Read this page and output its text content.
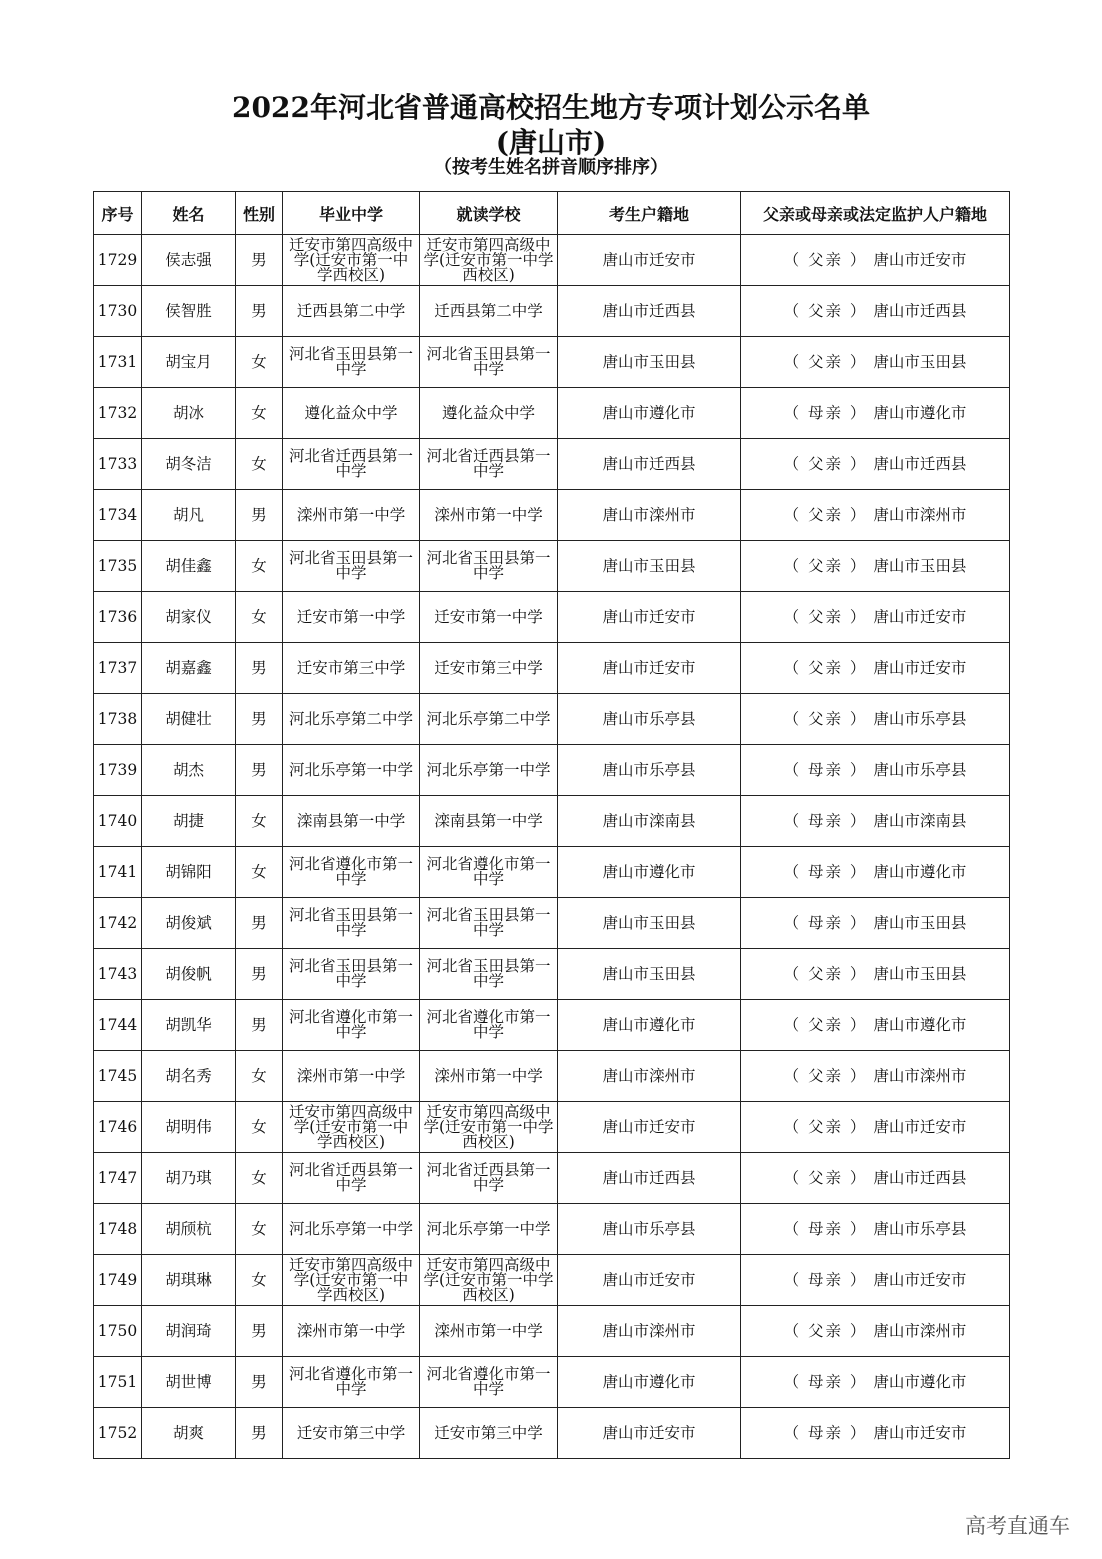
2022年河北省普通高校招生地方专项计划公示名单
(唐山市)
（按考生姓名拼音顺序排序）
序号	姓名	性别	毕业中学	就读学校	考生户籍地	父亲或母亲或法定监护人户籍地
1729	侯志强	男	迁安市第四高级中学(迁安市第一中学西校区)	迁安市第四高级中学(迁安市第一中学西校区)	唐山市迁安市	（ 父亲 ） 唐山市迁安市
1730	侯智胜	男	迁西县第二中学	迁西县第二中学	唐山市迁西县	（ 父亲 ） 唐山市迁西县
1731	胡宝月	女	河北省玉田县第一中学	河北省玉田县第一中学	唐山市玉田县	（ 父亲 ） 唐山市玉田县
1732	胡冰	女	遵化益众中学	遵化益众中学	唐山市遵化市	（ 母亲 ） 唐山市遵化市
1733	胡冬洁	女	河北省迁西县第一中学	河北省迁西县第一中学	唐山市迁西县	（ 父亲 ） 唐山市迁西县
1734	胡凡	男	滦州市第一中学	滦州市第一中学	唐山市滦州市	（ 父亲 ） 唐山市滦州市
1735	胡佳鑫	女	河北省玉田县第一中学	河北省玉田县第一中学	唐山市玉田县	（ 父亲 ） 唐山市玉田县
1736	胡家仪	女	迁安市第一中学	迁安市第一中学	唐山市迁安市	（ 父亲 ） 唐山市迁安市
1737	胡嘉鑫	男	迁安市第三中学	迁安市第三中学	唐山市迁安市	（ 父亲 ） 唐山市迁安市
1738	胡健壮	男	河北乐亭第二中学	河北乐亭第二中学	唐山市乐亭县	（ 父亲 ） 唐山市乐亭县
1739	胡杰	男	河北乐亭第一中学	河北乐亭第一中学	唐山市乐亭县	（ 母亲 ） 唐山市乐亭县
1740	胡捷	女	滦南县第一中学	滦南县第一中学	唐山市滦南县	（ 母亲 ） 唐山市滦南县
1741	胡锦阳	女	河北省遵化市第一中学	河北省遵化市第一中学	唐山市遵化市	（ 母亲 ） 唐山市遵化市
1742	胡俊斌	男	河北省玉田县第一中学	河北省玉田县第一中学	唐山市玉田县	（ 母亲 ） 唐山市玉田县
1743	胡俊帆	男	河北省玉田县第一中学	河北省玉田县第一中学	唐山市玉田县	（ 父亲 ） 唐山市玉田县
1744	胡凯华	男	河北省遵化市第一中学	河北省遵化市第一中学	唐山市遵化市	（ 父亲 ） 唐山市遵化市
1745	胡名秀	女	滦州市第一中学	滦州市第一中学	唐山市滦州市	（ 父亲 ） 唐山市滦州市
1746	胡明伟	女	迁安市第四高级中学(迁安市第一中学西校区)	迁安市第四高级中学(迁安市第一中学西校区)	唐山市迁安市	（ 父亲 ） 唐山市迁安市
1747	胡乃琪	女	河北省迁西县第一中学	河北省迁西县第一中学	唐山市迁西县	（ 父亲 ） 唐山市迁西县
1748	胡颀杭	女	河北乐亭第一中学	河北乐亭第一中学	唐山市乐亭县	（ 母亲 ） 唐山市乐亭县
1749	胡琪琳	女	迁安市第四高级中学(迁安市第一中学西校区)	迁安市第四高级中学(迁安市第一中学西校区)	唐山市迁安市	（ 母亲 ） 唐山市迁安市
1750	胡润琦	男	滦州市第一中学	滦州市第一中学	唐山市滦州市	（ 父亲 ） 唐山市滦州市
1751	胡世博	男	河北省遵化市第一中学	河北省遵化市第一中学	唐山市遵化市	（ 母亲 ） 唐山市遵化市
1752	胡爽	男	迁安市第三中学	迁安市第三中学	唐山市迁安市	（ 母亲 ） 唐山市迁安市
高考直通车
